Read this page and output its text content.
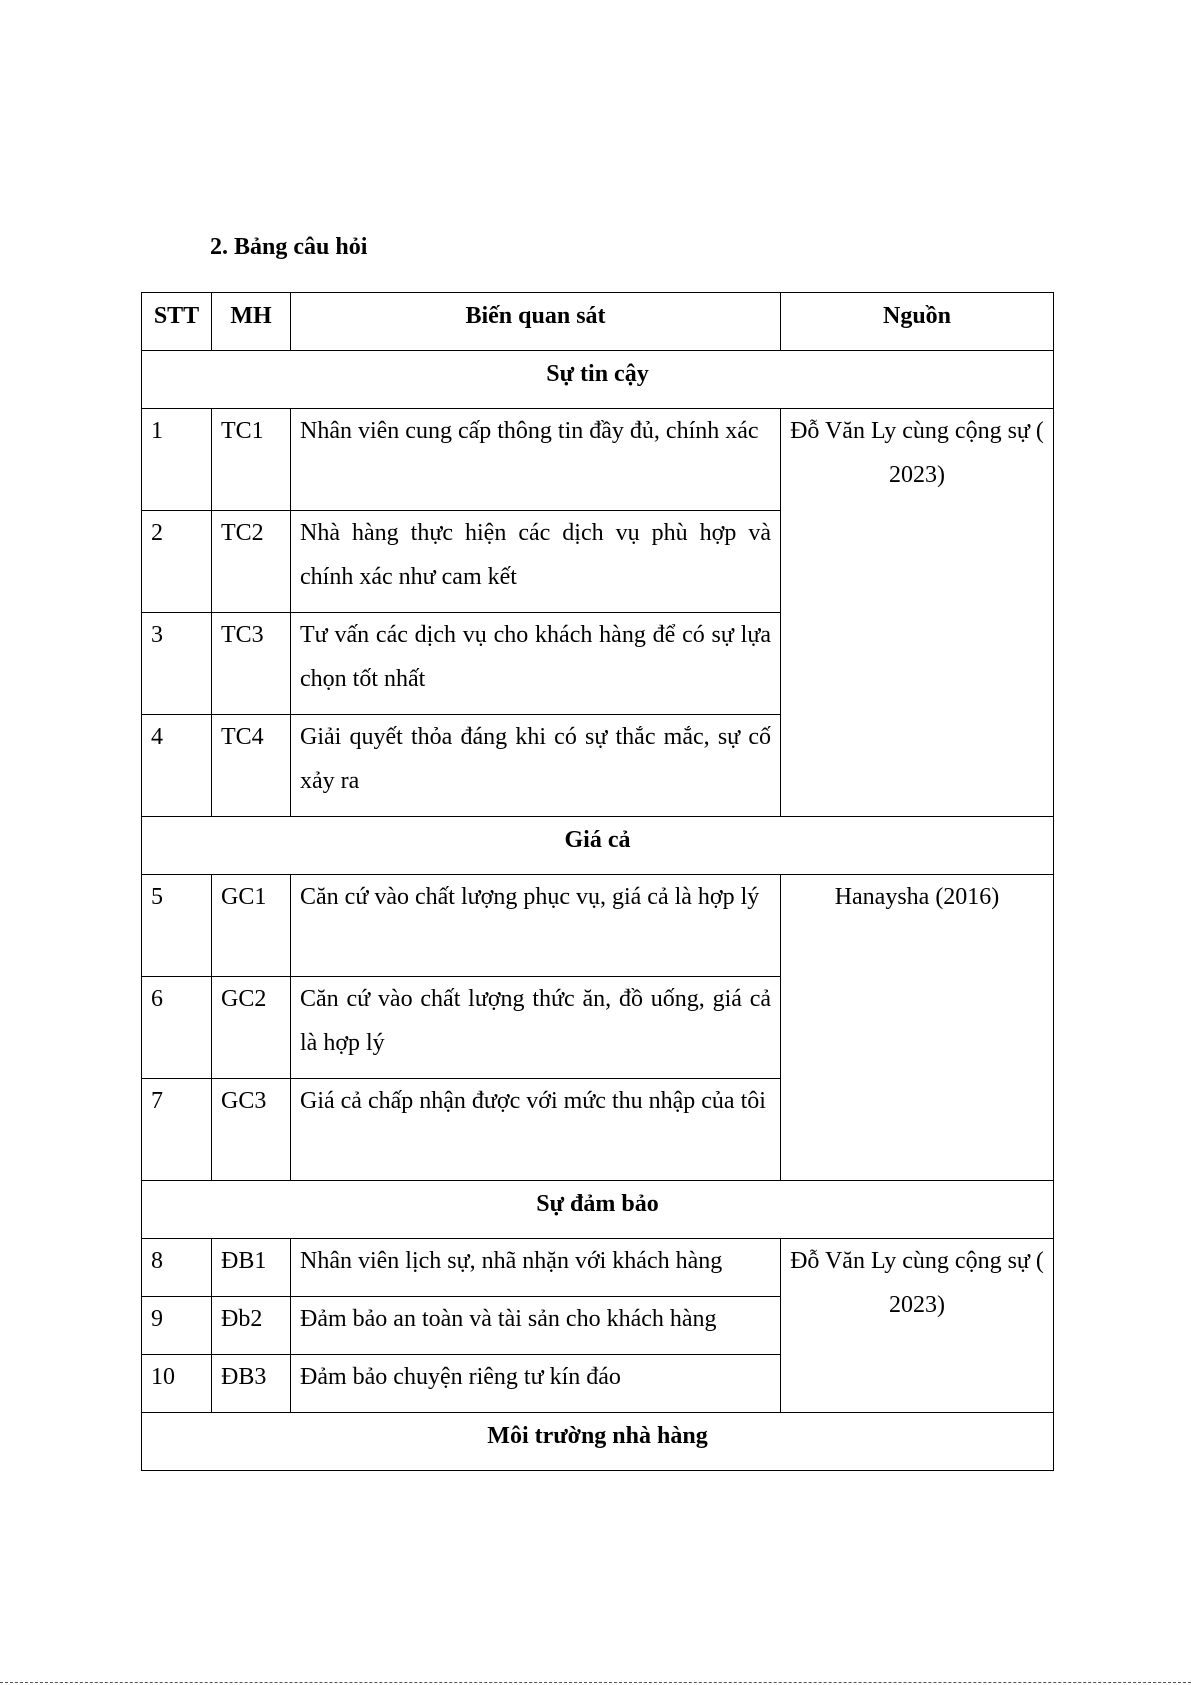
2. Bảng câu hỏi
STT	MH	Biến quan sát	Nguồn
Sự tin cậy			
1	TC1	Nhân viên cung cấp thông tin đầy đủ, chính xác	Đỗ Văn Ly cùng cộng sự ( 2023)
2	TC2	Nhà hàng thực hiện các dịch vụ phù hợp và chính xác như cam kết	
3	TC3	Tư vấn các dịch vụ cho khách hàng để có sự lựa chọn tốt nhất	
4	TC4	Giải quyết thỏa đáng khi có sự thắc mắc, sự cố xảy ra	
Giá cả			
5	GC1	Căn cứ vào chất lượng phục vụ, giá cả là hợp lý	Hanaysha (2016)
6	GC2	Căn cứ vào chất lượng thức ăn, đồ uống, giá cả là hợp lý	
7	GC3	Giá cả chấp nhận được với mức thu nhập của tôi	
Sự đảm bảo			
8	ĐB1	Nhân viên lịch sự, nhã nhặn với khách hàng	Đỗ Văn Ly cùng cộng sự ( 2023)
9	Đb2	Đảm bảo an toàn và tài sản cho khách hàng	
10	ĐB3	Đảm bảo chuyện riêng tư kín đáo	
Môi trường nhà hàng			
